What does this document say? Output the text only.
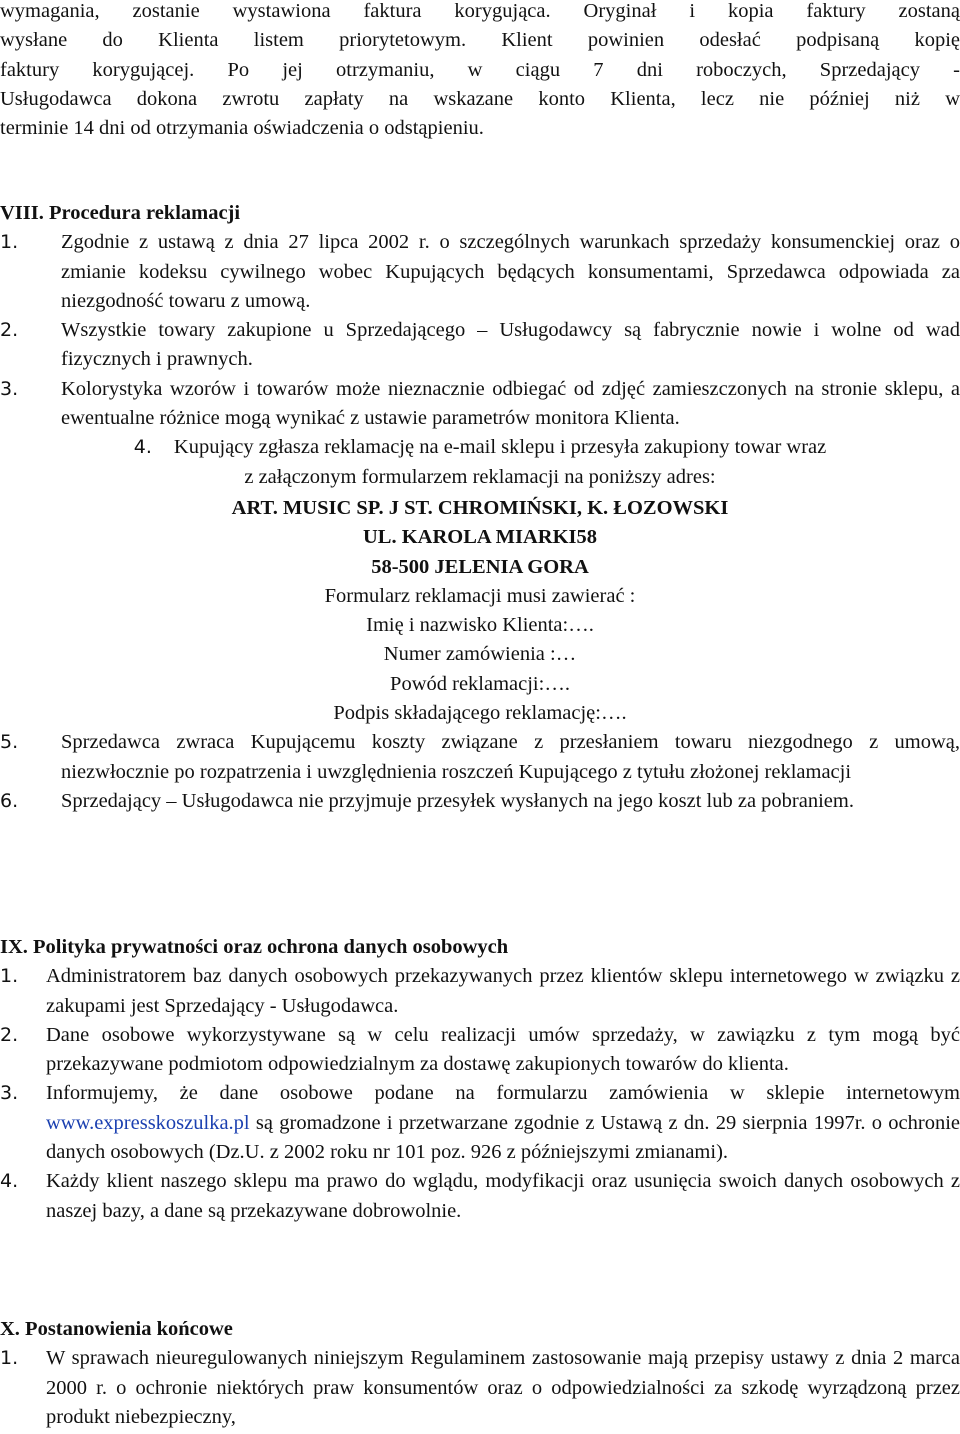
wymagania, zostanie wystawiona faktura korygująca. Oryginał i kopia faktury zostaną

wysłane do Klienta listem priorytetowym. Klient powinien odesłać podpisaną kopię

faktury korygującej. Po jej otrzymaniu, w ciągu 7 dni roboczych, Sprzedający -

Usługodawca dokona zwrotu zapłaty na wskazane konto Klienta, lecz nie później niż w

terminie 14 dni od otrzymania oświadczenia o odstąpieniu.

VIII. Procedura reklamacji

1. Zgodnie z ustawą z dnia 27 lipca 2002 r. o szczególnych warunkach sprzedaży konsumenckiej oraz o zmianie kodeksu cywilnego wobec Kupujących będących konsumentami, Sprzedawca odpowiada za niezgodność towaru z umową.

2. Wszystkie towary zakupione u Sprzedającego – Usługodawcy są fabrycznie nowie i wolne od wad fizycznych i prawnych.

3. Kolorystyka wzorów i towarów może nieznacznie odbiegać od zdjęć zamieszczonych na stronie sklepu, a ewentualne różnice mogą wynikać z ustawie parametrów monitora Klienta.

4. Kupujący zgłasza reklamację na e-mail sklepu i przesyła zakupiony towar wraz

z załączonym formularzem reklamacji na poniższy adres:

ART. MUSIC SP. J ST. CHROMIŃSKI, K. ŁOZOWSKI

UL. KAROLA MIARKI58

58-500 JELENIA GORA

Formularz reklamacji musi zawierać :

Imię i nazwisko Klienta:….

Numer zamówienia :…

Powód reklamacji:….

Podpis składającego reklamację:….

5. Sprzedawca zwraca Kupującemu koszty związane z przesłaniem towaru niezgodnego z umową, niezwłocznie po rozpatrzenia i uwzględnienia roszczeń Kupującego z tytułu złożonej reklamacji

6. Sprzedający – Usługodawca nie przyjmuje przesyłek wysłanych na jego koszt lub za pobraniem.

IX. Polityka prywatności oraz ochrona danych osobowych

1. Administratorem baz danych osobowych przekazywanych przez klientów sklepu internetowego w związku z zakupami jest Sprzedający - Usługodawca.

2. Dane osobowe wykorzystywane są w celu realizacji umów sprzedaży, w zawiązku z tym mogą być przekazywane podmiotom odpowiedzialnym za dostawę zakupionych towarów do klienta.

3. Informujemy, że dane osobowe podane na formularzu zamówienia w sklepie internetowym www.expresskoszulka.pl są gromadzone i przetwarzane zgodnie z Ustawą z dn. 29 sierpnia 1997r. o ochronie danych osobowych (Dz.U. z 2002 roku nr 101 poz. 926 z późniejszymi zmianami).

4. Każdy klient naszego sklepu ma prawo do wglądu, modyfikacji oraz usunięcia swoich danych osobowych z naszej bazy, a dane są przekazywane dobrowolnie.

X. Postanowienia końcowe

1. W sprawach nieuregulowanych niniejszym Regulaminem zastosowanie mają przepisy ustawy z dnia 2 marca 2000 r. o ochronie niektórych praw konsumentów oraz o odpowiedzialności za szkodę wyrządzoną przez produkt niebezpieczny,
